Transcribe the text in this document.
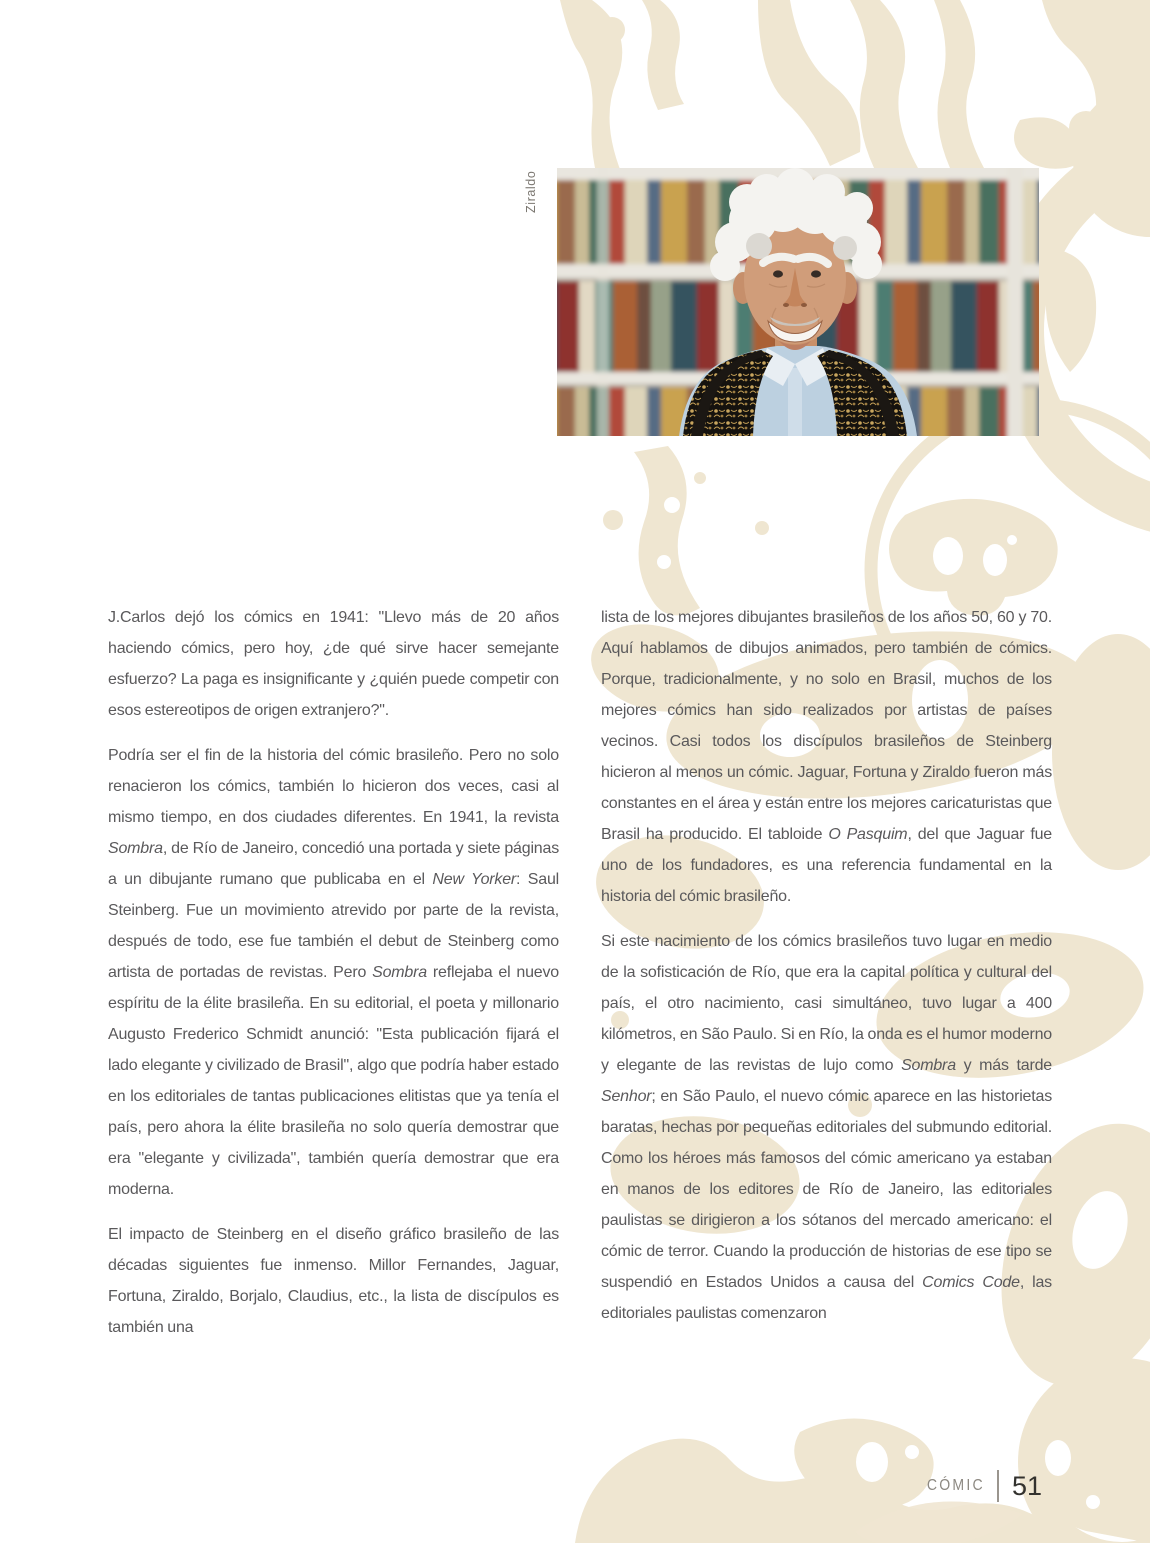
Ziraldo

J.Carlos dejó los cómics en 1941: "Llevo más de 20 años haciendo cómics, pero hoy, ¿de qué sirve hacer semejante esfuerzo? La paga es insignificante y ¿quién puede competir con esos estereotipos de origen extranjero?".

Podría ser el fin de la historia del cómic brasileño. Pero no solo renacieron los cómics, también lo hicieron dos veces, casi al mismo tiempo, en dos ciudades diferentes. En 1941, la revista Sombra, de Río de Janeiro, concedió una portada y siete páginas a un dibujante rumano que publicaba en el New Yorker: Saul Steinberg. Fue un movimiento atrevido por parte de la revista, después de todo, ese fue también el debut de Steinberg como artista de portadas de revistas. Pero Sombra reflejaba el nuevo espíritu de la élite brasileña. En su editorial, el poeta y millonario Augusto Frederico Schmidt anunció: "Esta publicación fijará el lado elegante y civilizado de Brasil", algo que podría haber estado en los editoriales de tantas publicaciones elitistas que ya tenía el país, pero ahora la élite brasileña no solo quería demostrar que era "elegante y civilizada", también quería demostrar que era moderna.

El impacto de Steinberg en el diseño gráfico brasileño de las décadas siguientes fue inmenso. Millor Fernandes, Jaguar, Fortuna, Ziraldo, Borjalo, Claudius, etc., la lista de discípulos es también una

lista de los mejores dibujantes brasileños de los años 50, 60 y 70. Aquí hablamos de dibujos animados, pero también de cómics. Porque, tradicionalmente, y no solo en Brasil, muchos de los mejores cómics han sido realizados por artistas de países vecinos. Casi todos los discípulos brasileños de Steinberg hicieron al menos un cómic. Jaguar, Fortuna y Ziraldo fueron más constantes en el área y están entre los mejores caricaturistas que Brasil ha producido. El tabloide O Pasquim, del que Jaguar fue uno de los fundadores, es una referencia fundamental en la historia del cómic brasileño.

Si este nacimiento de los cómics brasileños tuvo lugar en medio de la sofisticación de Río, que era la capital política y cultural del país, el otro nacimiento, casi simultáneo, tuvo lugar a 400 kilómetros, en São Paulo. Si en Río, la onda es el humor moderno y elegante de las revistas de lujo como Sombra y más tarde Senhor; en São Paulo, el nuevo cómic aparece en las historietas baratas, hechas por pequeñas editoriales del submundo editorial. Como los héroes más famosos del cómic americano ya estaban en manos de los editores de Río de Janeiro, las editoriales paulistas se dirigieron a los sótanos del mercado americano: el cómic de terror. Cuando la producción de historias de ese tipo se suspendió en Estados Unidos a causa del Comics Code, las editoriales paulistas comenzaron

CÓMIC 51
